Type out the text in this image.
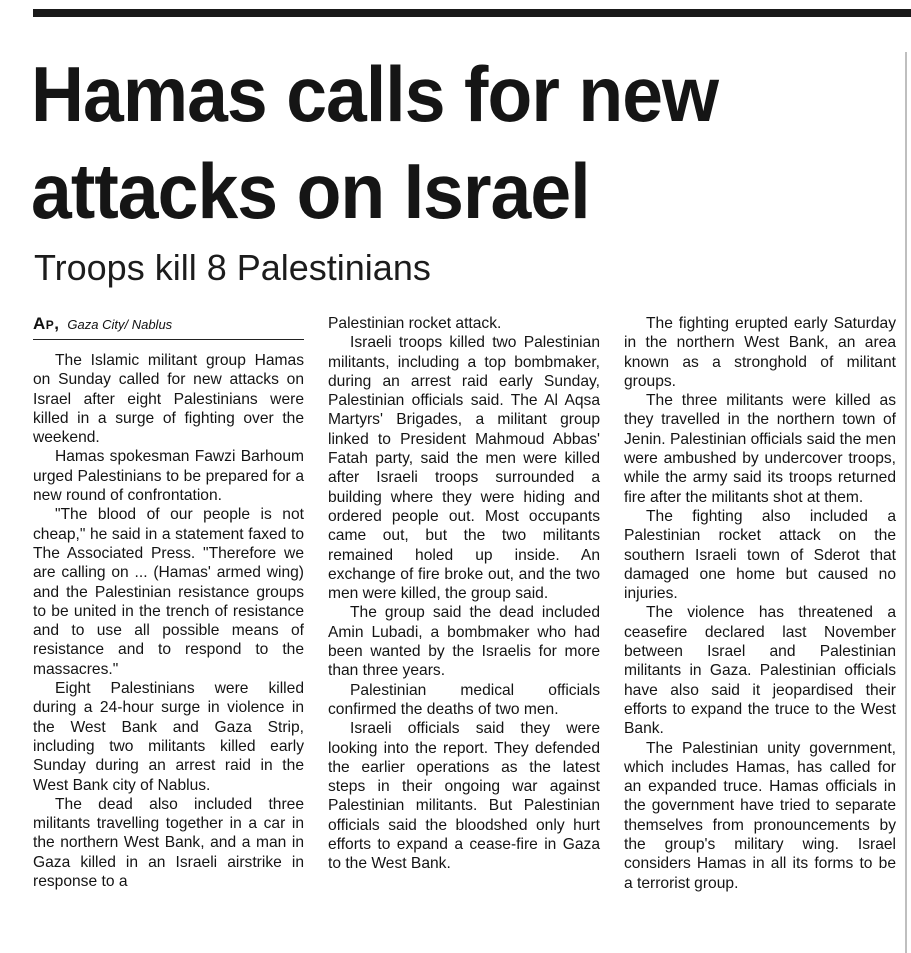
Hamas calls for new
attacks on Israel
Troops kill 8 Palestinians
Ap, Gaza City/ Nablus

The Islamic militant group Hamas on Sunday called for new attacks on Israel after eight Palestinians were killed in a surge of fighting over the weekend.

Hamas spokesman Fawzi Barhoum urged Palestinians to be prepared for a new round of confrontation.

"The blood of our people is not cheap," he said in a statement faxed to The Associated Press. "Therefore we are calling on ... (Hamas' armed wing) and the Palestinian resistance groups to be united in the trench of resistance and to use all possible means of resistance and to respond to the massacres."

Eight Palestinians were killed during a 24-hour surge in violence in the West Bank and Gaza Strip, including two militants killed early Sunday during an arrest raid in the West Bank city of Nablus.

The dead also included three militants travelling together in a car in the northern West Bank, and a man in Gaza killed in an Israeli airstrike in response to a

Palestinian rocket attack.

Israeli troops killed two Palestinian militants, including a top bombmaker, during an arrest raid early Sunday, Palestinian officials said. The Al Aqsa Martyrs' Brigades, a militant group linked to President Mahmoud Abbas' Fatah party, said the men were killed after Israeli troops surrounded a building where they were hiding and ordered people out. Most occupants came out, but the two militants remained holed up inside. An exchange of fire broke out, and the two men were killed, the group said.

The group said the dead included Amin Lubadi, a bombmaker who had been wanted by the Israelis for more than three years.

Palestinian medical officials confirmed the deaths of two men.

Israeli officials said they were looking into the report. They defended the earlier operations as the latest steps in their ongoing war against Palestinian militants. But Palestinian officials said the bloodshed only hurt efforts to expand a cease-fire in Gaza to the West Bank.

The fighting erupted early Saturday in the northern West Bank, an area known as a stronghold of militant groups.

The three militants were killed as they travelled in the northern town of Jenin. Palestinian officials said the men were ambushed by undercover troops, while the army said its troops returned fire after the militants shot at them.

The fighting also included a Palestinian rocket attack on the southern Israeli town of Sderot that damaged one home but caused no injuries.

The violence has threatened a ceasefire declared last November between Israel and Palestinian militants in Gaza. Palestinian officials have also said it jeopardised their efforts to expand the truce to the West Bank.

The Palestinian unity government, which includes Hamas, has called for an expanded truce. Hamas officials in the government have tried to separate themselves from pronouncements by the group's military wing. Israel considers Hamas in all its forms to be a terrorist group.
